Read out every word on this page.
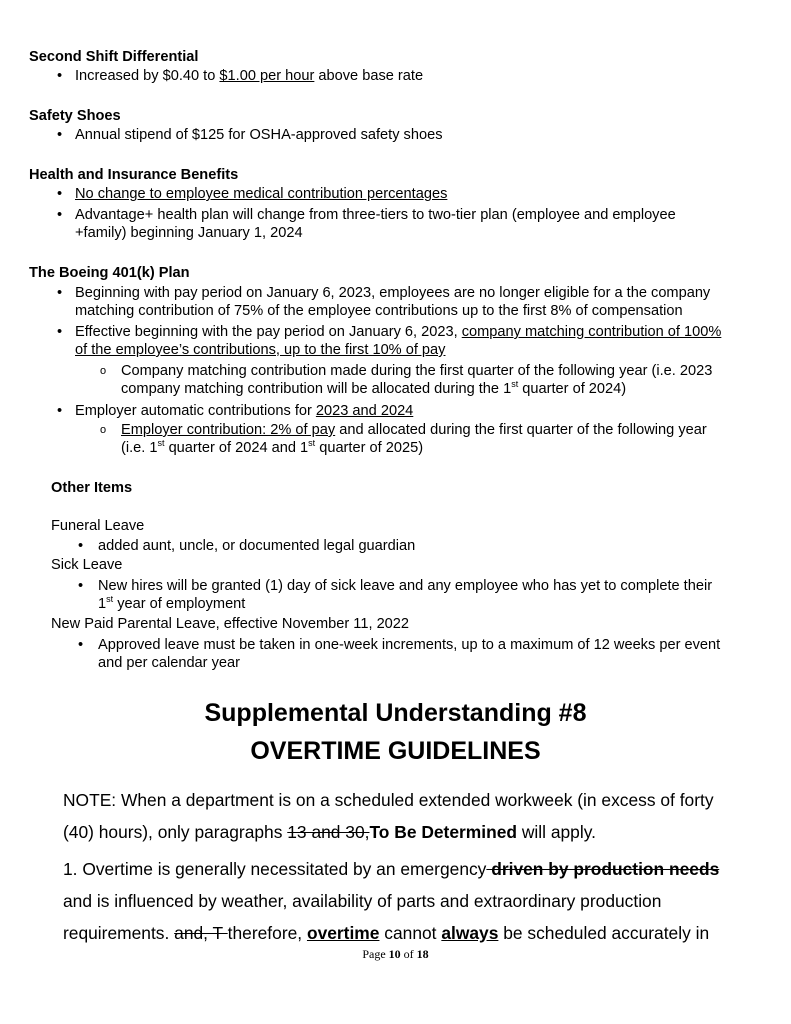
Second Shift Differential
• Increased by $0.40 to $1.00 per hour above base rate
Safety Shoes
• Annual stipend of $125 for OSHA-approved safety shoes
Health and Insurance Benefits
• No change to employee medical contribution percentages
• Advantage+ health plan will change from three-tiers to two-tier plan (employee and employee
+family) beginning January 1, 2024
The Boeing 401(k) Plan
• Beginning with pay period on January 6, 2023, employees are no longer eligible for a the company
matching contribution of 75% of the employee contributions up to the first 8% of compensation
• Effective beginning with the pay period on January 6, 2023, company matching contribution of 100%
of the employee’s contributions, up to the first 10% of pay
o Company matching contribution made during the first quarter of the following year (i.e. 2023
company matching contribution will be allocated during the 1st quarter of 2024)
• Employer automatic contributions for 2023 and 2024
o Employer contribution: 2% of pay and allocated during the first quarter of the following year
(i.e. 1st quarter of 2024 and 1st quarter of 2025)
Other Items
Funeral Leave
• added aunt, uncle, or documented legal guardian
Sick Leave
• New hires will be granted (1) day of sick leave and any employee who has yet to complete their
1st year of employment
New Paid Parental Leave, effective November 11, 2022
• Approved leave must be taken in one-week increments, up to a maximum of 12 weeks per event
and per calendar year
Supplemental Understanding #8
OVERTIME GUIDELINES
NOTE: When a department is on a scheduled extended workweek (in excess of forty
(40) hours), only paragraphs 13 and 30,To Be Determined will apply.
1. Overtime is generally necessitated by an emergency driven by production needs
and is influenced by weather, availability of parts and extraordinary production
requirements. and, T therefore, overtime cannot always be scheduled accurately in
Page 10 of 18
